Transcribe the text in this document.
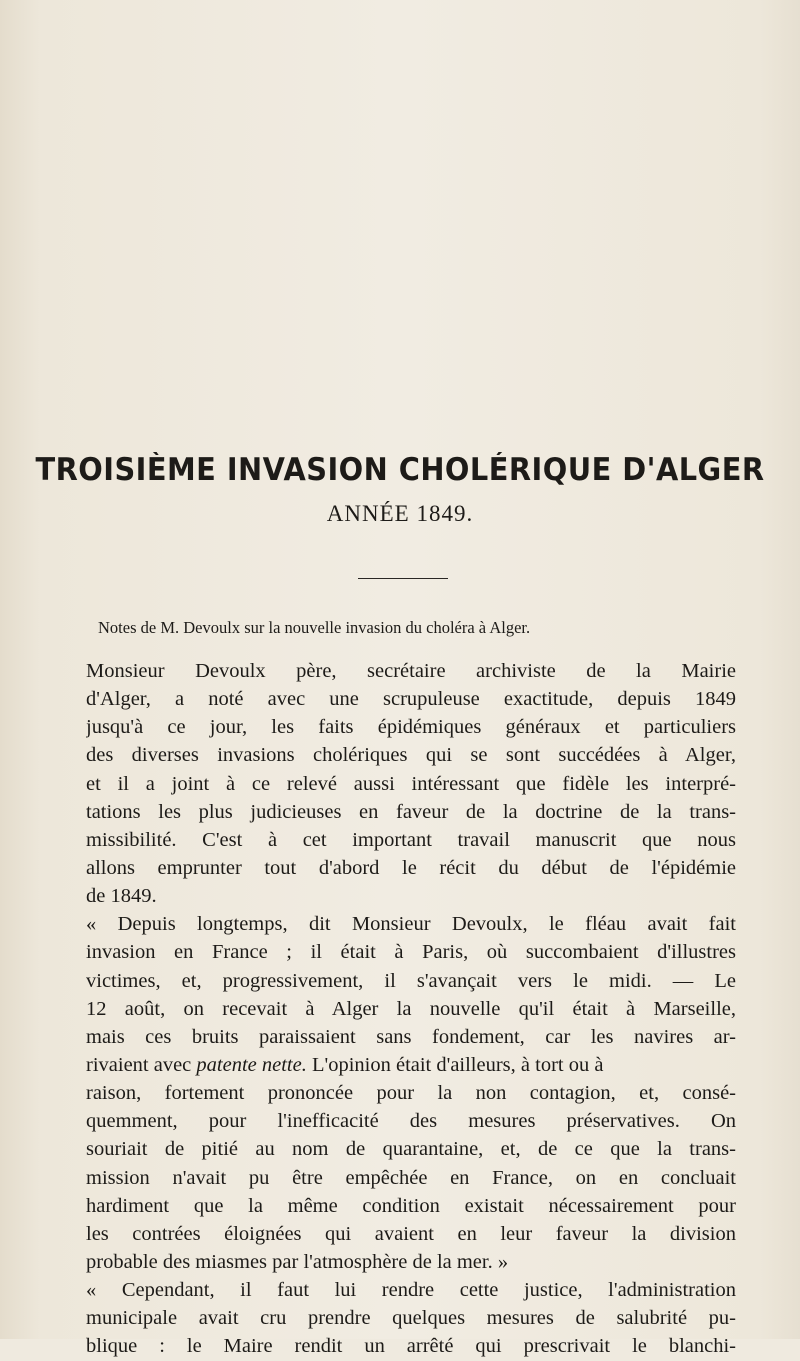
TROISIÈME INVASION CHOLÉRIQUE D'ALGER
ANNÉE 1849.
Notes de M. Devoulx sur la nouvelle invasion du choléra à Alger.
Monsieur Devoulx père, secrétaire archiviste de la Mairie
d'Alger, a noté avec une scrupuleuse exactitude, depuis 1849
jusqu'à ce jour, les faits épidémiques généraux et particuliers
des diverses invasions cholériques qui se sont succédées à Alger,
et il a joint à ce relevé aussi intéressant que fidèle les interpré-
tations les plus judicieuses en faveur de la doctrine de la trans-
missibilité. C'est à cet important travail manuscrit que nous
allons emprunter tout d'abord le récit du début de l'épidémie
de 1849.
« Depuis longtemps, dit Monsieur Devoulx, le fléau avait fait
invasion en France ; il était à Paris, où succombaient d'illustres
victimes, et, progressivement, il s'avançait vers le midi. — Le
12 août, on recevait à Alger la nouvelle qu'il était à Marseille,
mais ces bruits paraissaient sans fondement, car les navires ar-
rivaient avec patente nette. L'opinion était d'ailleurs, à tort ou à
raison, fortement prononcée pour la non contagion, et, consé-
quemment, pour l'inefficacité des mesures préservatives. On
souriait de pitié au nom de quarantaine, et, de ce que la trans-
mission n'avait pu être empêchée en France, on en concluait
hardiment que la même condition existait nécessairement pour
les contrées éloignées qui avaient en leur faveur la division
probable des miasmes par l'atmosphère de la mer. »
« Cependant, il faut lui rendre cette justice, l'administration
municipale avait cru prendre quelques mesures de salubrité pu-
blique : le Maire rendit un arrêté qui prescrivait le blanchi-
